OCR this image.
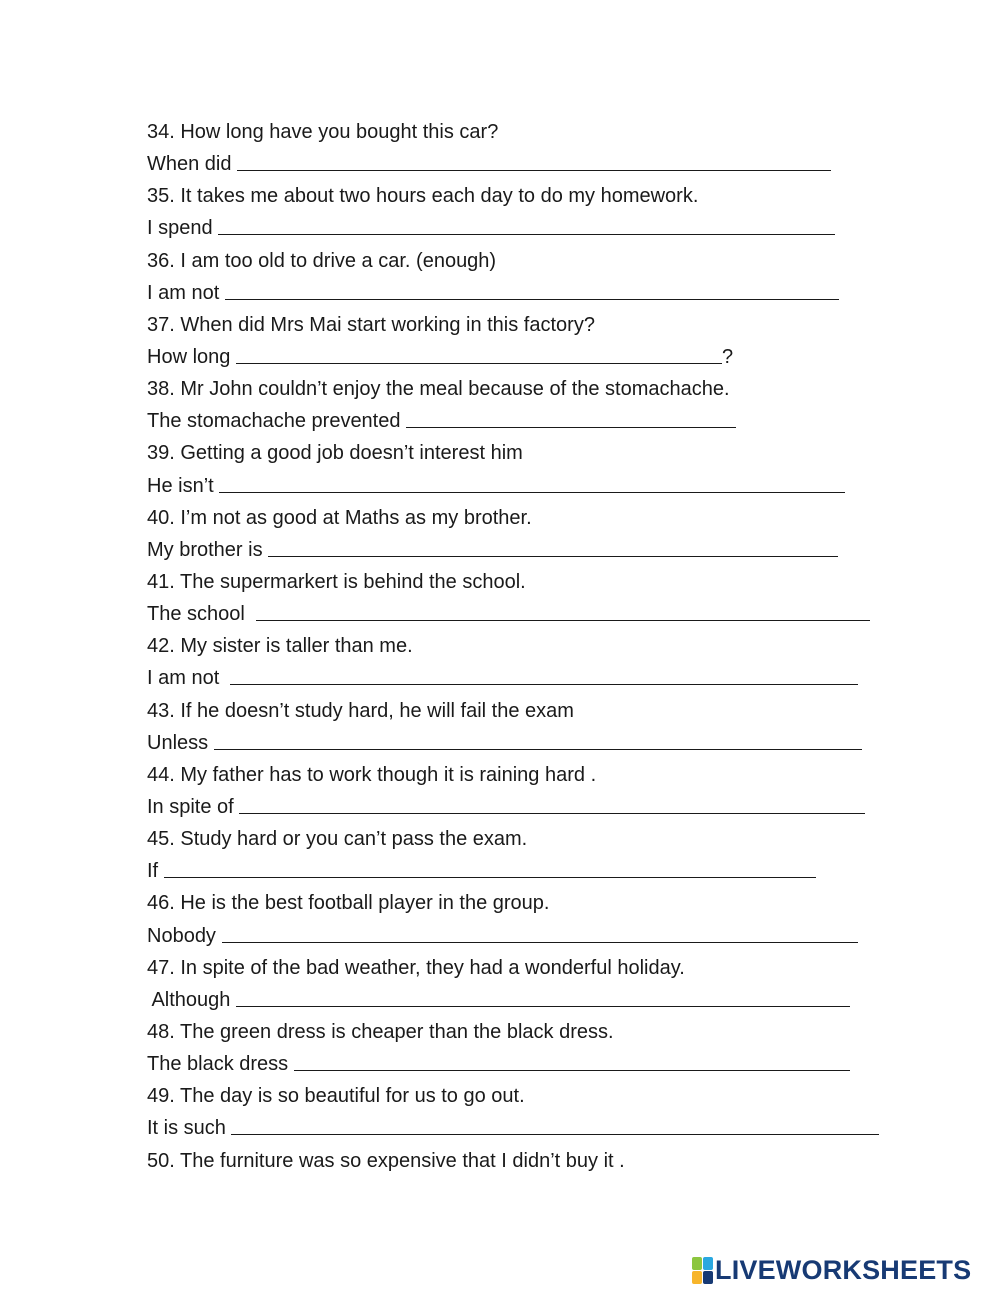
34. How long have you bought this car?
When did
35. It takes me about two hours each day to do my homework.
I spend
36. I am too old to drive a car. (enough)
I am not
37. When did Mrs Mai start working in this factory?
How long	?
38. Mr John couldn’t enjoy the meal because of the stomachache.
The stomachache prevented
39. Getting a good job doesn’t interest him
He isn’t
40. I’m not as good at Maths as my brother.
My brother is
41. The supermarkert is behind the school.
The school
42. My sister is taller than me.
I am not
43. If he doesn’t study hard, he will fail the exam
Unless
44. My father has to work though it is raining hard .
In spite of
45. Study hard or you can’t pass the exam.
If
46. He is the best football player in the group.
Nobody
47. In spite of the bad weather, they had a wonderful holiday.
Although
48. The green dress is cheaper than the black dress.
The black dress
49. The day is so beautiful for us to go out.
It is such
50. The furniture was so expensive that I didn’t buy it .
LIVEWORKSHEETS
